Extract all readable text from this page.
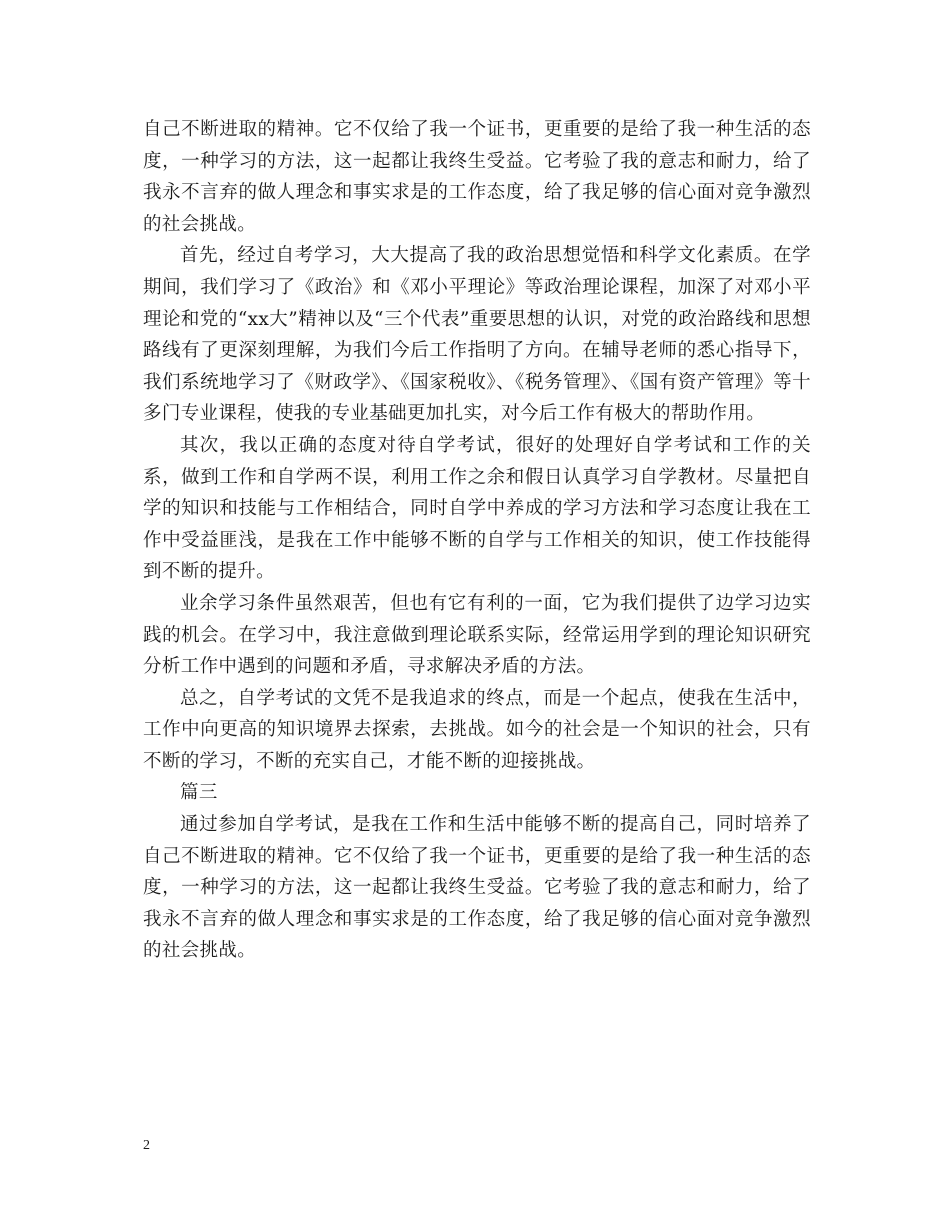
自己不断进取的精神。它不仅给了我一个证书，更重要的是给了我一种生活的态度，一种学习的方法，这一起都让我终生受益。它考验了我的意志和耐力，给了我永不言弃的做人理念和事实求是的工作态度，给了我足够的信心面对竞争激烈的社会挑战。

首先，经过自考学习，大大提高了我的政治思想觉悟和科学文化素质。在学期间，我们学习了《政治》和《邓小平理论》等政治理论课程，加深了对邓小平理论和党的“xx大”精神以及“三个代表”重要思想的认识，对党的政治路线和思想路线有了更深刻理解，为我们今后工作指明了方向。在辅导老师的悉心指导下，我们系统地学习了《财政学》、《国家税收》、《税务管理》、《国有资产管理》等十多门专业课程，使我的专业基础更加扎实，对今后工作有极大的帮助作用。

其次，我以正确的态度对待自学考试，很好的处理好自学考试和工作的关系，做到工作和自学两不误，利用工作之余和假日认真学习自学教材。尽量把自学的知识和技能与工作相结合，同时自学中养成的学习方法和学习态度让我在工作中受益匪浅，是我在工作中能够不断的自学与工作相关的知识，使工作技能得到不断的提升。

业余学习条件虽然艰苦，但也有它有利的一面，它为我们提供了边学习边实践的机会。在学习中，我注意做到理论联系实际，经常运用学到的理论知识研究分析工作中遇到的问题和矛盾，寻求解决矛盾的方法。

总之，自学考试的文凭不是我追求的终点，而是一个起点，使我在生活中，工作中向更高的知识境界去探索，去挑战。如今的社会是一个知识的社会，只有不断的学习，不断的充实自己，才能不断的迎接挑战。

篇三

通过参加自学考试，是我在工作和生活中能够不断的提高自己，同时培养了自己不断进取的精神。它不仅给了我一个证书，更重要的是给了我一种生活的态度，一种学习的方法，这一起都让我终生受益。它考验了我的意志和耐力，给了我永不言弃的做人理念和事实求是的工作态度，给了我足够的信心面对竞争激烈的社会挑战。

2
